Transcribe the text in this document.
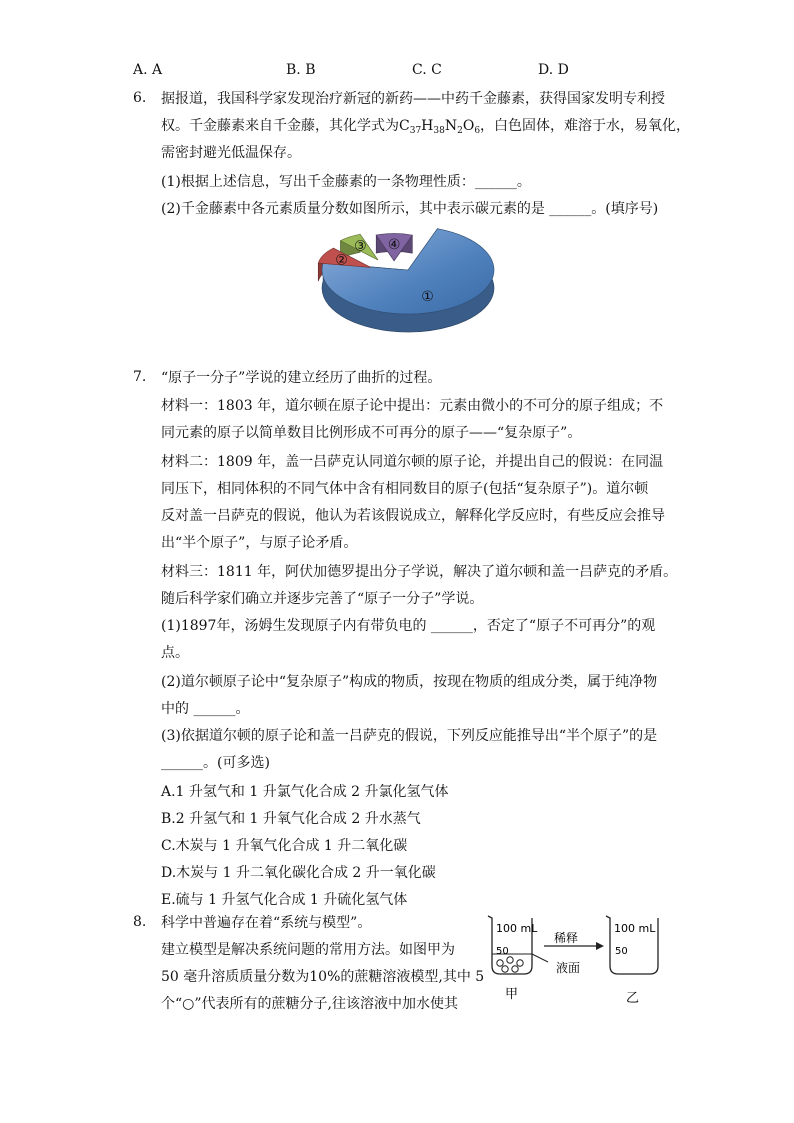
A. A	B. B	C. C	D. D
6. 据报道，我国科学家发现治疗新冠的新药——中药千金藤素，获得国家发明专利授
权。千金藤素来自千金藤，其化学式为$C_{37}H_{38}N_2O_6$，白色固体，难溶于水，易氧化，
需密封避光低温保存。
(1)根据上述信息，写出千金藤素的一条物理性质：______。
(2)千金藤素中各元素质量分数如图所示，其中表示碳元素的是 ______。(填序号)
①
②
③ ④
7. “原子一分子”学说的建立经历了曲折的过程。
材料一：1803 年，道尔顿在原子论中提出：元素由微小的不可分的原子组成；不
同元素的原子以简单数目比例形成不可再分的原子——“复杂原子”。
材料二：1809 年，盖一吕萨克认同道尔顿的原子论，并提出自己的假说：在同温
同压下，相同体积的不同气体中含有相同数目的原子(包括“复杂原子”)。道尔顿
反对盖一吕萨克的假说，他认为若该假说成立，解释化学反应时，有些反应会推导
出“半个原子”，与原子论矛盾。
材料三：1811 年，阿伏加德罗提出分子学说，解决了道尔顿和盖一吕萨克的矛盾。
随后科学家们确立并逐步完善了“原子一分子”学说。
(1)1897年，汤姆生发现原子内有带负电的 ______，否定了“原子不可再分”的观
点。
(2)道尔顿原子论中“复杂原子”构成的物质，按现在物质的组成分类，属于纯净物
中的 ______。
(3)依据道尔顿的原子论和盖一吕萨克的假说，下列反应能推导出“半个原子”的是
______。(可多选)
A.1 升氢气和 1 升氯气化合成 2 升氯化氢气体
B.2 升氢气和 1 升氧气化合成 2 升水蒸气
C.木炭与 1 升氧气化合成 1 升二氧化碳
D.木炭与 1 升二氧化碳化合成 2 升一氧化碳
E.硫与 1 升氢气化合成 1 升硫化氢气体
8. 科学中普遍存在着“系统与模型”。
建立模型是解决系统问题的常用方法。如图甲为
50 毫升溶质质量分数为10%的蔗糖溶液模型,其中 5
个“○”代表所有的蔗糖分子,往该溶液中加水使其
100 mL
50
甲
稀释
液面
100 mL
50
乙
